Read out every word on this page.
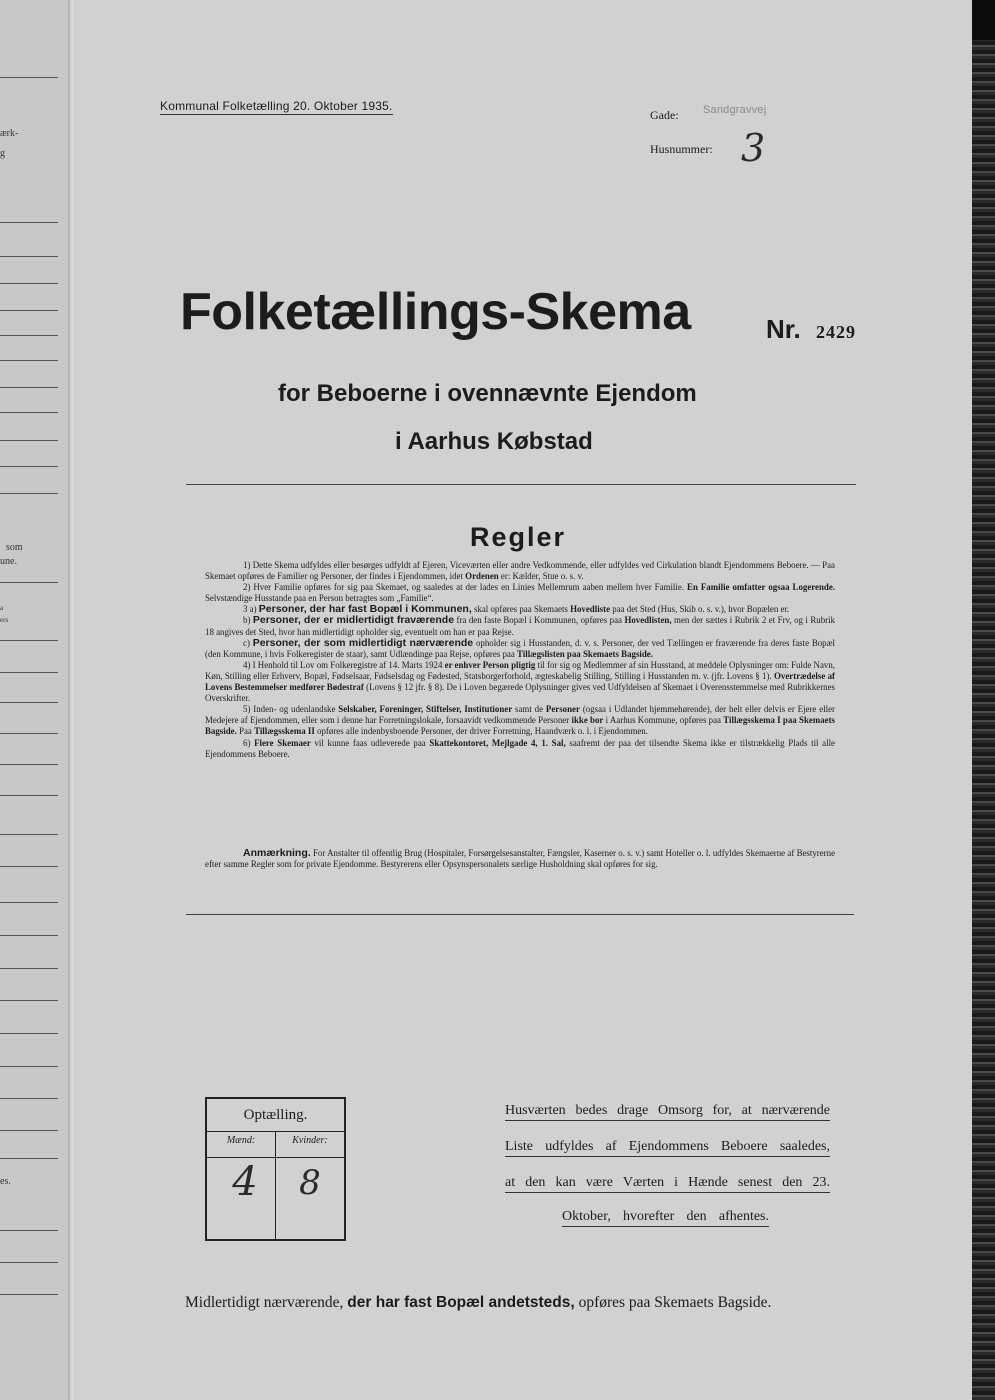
ærk-
g
som
une.
a
ers
es.
Kommunal Folketælling 20. Oktober 1935.
Gade: Sandgravvej
Husnummer: 3
Folketællings-Skema	Nr. 2429
for Beboerne i ovennævnte Ejendom
i Aarhus Købstad
Regler

1) Dette Skema udfyldes eller besørges udfyldt af Ejeren, Viceværten eller andre Vedkommende, eller udfyldes ved Cirkulation blandt Ejendommens Beboere. — Paa Skemaet opføres de Familier og Personer, der findes i Ejendommen, idet Ordenen er: Kælder, Stue o. s. v.

2) Hver Familie opføres for sig paa Skemaet, og saaledes at der lades en Linies Mellemrum aaben mellem hver Familie. En Familie omfatter ogsaa Logerende. Selvstændige Husstande paa en Person betragtes som „Familie“.

3 a) Personer, der har fast Bopæl i Kommunen, skal opføres paa Skemaets Hovedliste paa det Sted (Hus, Skib o. s. v.), hvor Bopælen er.

b) Personer, der er midlertidigt fraværende fra den faste Bopæl i Kommunen, opføres paa Hovedlisten, men der sættes i Rubrik 2 et Frv, og i Rubrik 18 angives det Sted, hvor han midlertidigt opholder sig, eventuelt om han er paa Rejse.

c) Personer, der som midlertidigt nærværende opholder sig i Husstanden, d. v. s. Personer, der ved Tællingen er fraværende fra deres faste Bopæl (den Kommune, i hvis Folkeregister de staar), samt Udlændinge paa Rejse, opføres paa Tillægslisten paa Skemaets Bagside.

4) I Henhold til Lov om Folkeregistre af 14. Marts 1924 er enhver Person pligtig til for sig og Medlemmer af sin Husstand, at meddele Oplysninger om: Fulde Navn, Køn, Stilling eller Erhverv, Bopæl, Fødselsaar, Fødselsdag og Fødested, Statsborgerforhold, ægteskabelig Stilling, Stilling i Husstanden m. v. (jfr. Lovens § 1). Overtrædelse af Lovens Bestemmelser medfører Bødestraf (Lovens § 12 jfr. § 8). De i Loven begærede Oplysninger gives ved Udfyldelsen af Skemaet i Overensstemmelse med Rubrikkernes Overskrifter.

5) Inden- og udenlandske Selskaber, Foreninger, Stiftelser, Institutioner samt de Personer (ogsaa i Udlandet hjemmehørende), der helt eller delvis er Ejere eller Medejere af Ejendommen, eller som i denne har Forretningslokale, forsaavidt vedkommende Personer ikke bor i Aarhus Kommune, opføres paa Tillægsskema I paa Skemaets Bagside. Paa Tillægsskema II opføres alle indenbysboende Personer, der driver Forretning, Haandværk o. l. i Ejendommen.

6) Flere Skemaer vil kunne faas udleverede paa Skattekontoret, Mejlgade 4, 1. Sal, saafremt der paa det tilsendte Skema ikke er tilstrækkelig Plads til alle Ejendommens Beboere.

Anmærkning. For Anstalter til offentlig Brug (Hospitaler, Forsørgelsesanstalter, Fængsler, Kaserner o. s. v.) samt Hoteller o. l. udfyldes Skemaerne af Bestyrerne efter samme Regler som for private Ejendomme. Bestyrerens eller Opsynspersonalets særlige Husholdning skal opføres for sig.
Optælling.
Mænd:	Kvinder:
4	8
Husværten bedes drage Omsorg for, at nærværende
Liste udfyldes af Ejendommens Beboere saaledes,
at den kan være Værten i Hænde senest den 23.
Oktober, hvorefter den afhentes.
Midlertidigt nærværende, der har fast Bopæl andetsteds, opføres paa Skemaets Bagside.
